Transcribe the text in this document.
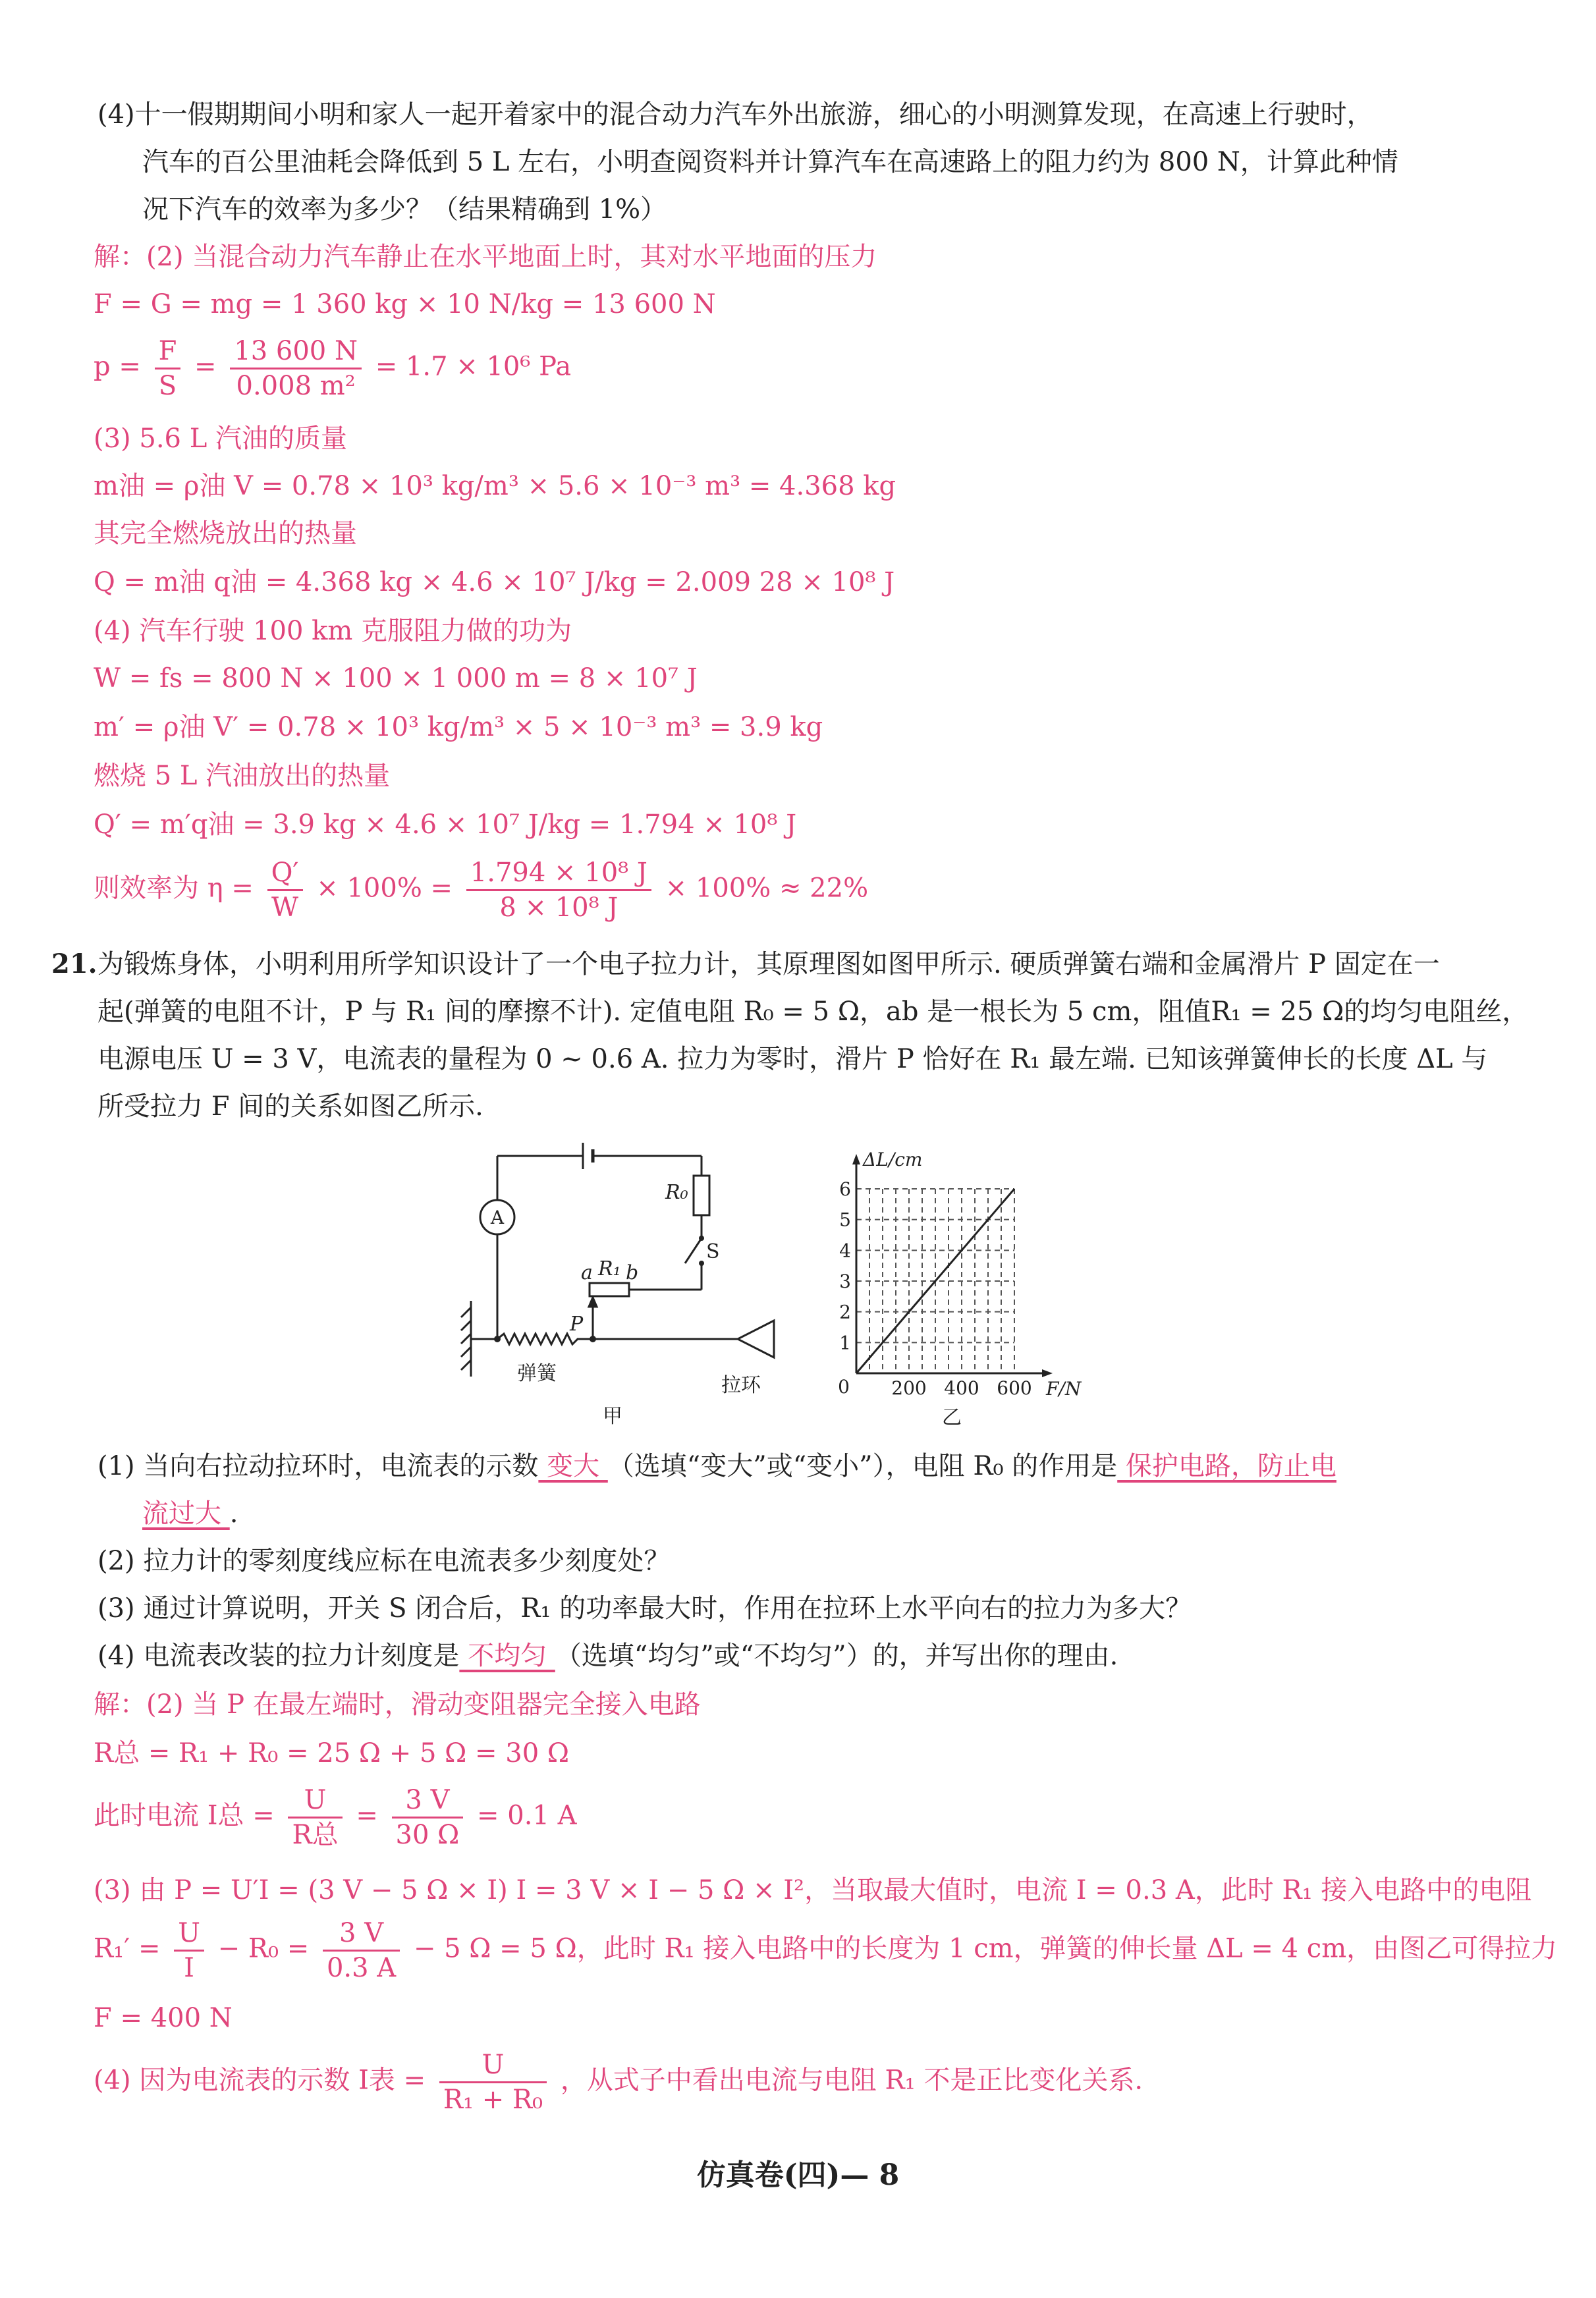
(4)十一假期期间小明和家人一起开着家中的混合动力汽车外出旅游，细心的小明测算发现，在高速上行驶时，
汽车的百公里油耗会降低到 5 L 左右，小明查阅资料并计算汽车在高速路上的阻力约为 800 N，计算此种情
况下汽车的效率为多少？（结果精确到 1%）
解：(2) 当混合动力汽车静止在水平地面上时，其对水平地面的压力
F = G = mg = 1 360 kg × 10 N/kg = 13 600 N
$p = \frac{F}{S} = \frac{13 600 N}{\text{0.008 m²}} = 1.7 \times 10^6$ Pa
(3) 5.6 L 汽油的质量
m油 = ρ油 V = 0.78 × 10³ kg/m³ × 5.6 × 10⁻³ m³ = 4.368 kg
其完全燃烧放出的热量
Q = m油 q油 = 4.368 kg × 4.6 × 10⁷ J/kg = 2.009 28 × 10⁸ J
(4) 汽车行驶 100 km 克服阻力做的功为
W = fs = 800 N × 100 × 1 000 m = 8 × 10⁷ J
m′ = ρ油 V′ = 0.78 × 10³ kg/m³ × 5 × 10⁻³ m³ = 3.9 kg
燃烧 5 L 汽油放出的热量
Q′ = m′q油 = 3.9 kg × 4.6 × 10⁷ J/kg = 1.794 × 10⁸ J
则效率为 $\eta = \frac{Q'}{W} \times 100\% = \frac{\text{1.794 × 10⁸ J}}{\text{8 × 10⁸ J}} \times 100\% \approx 22\%$
21. 为锻炼身体，小明利用所学知识设计了一个电子拉力计，其原理图如图甲所示. 硬质弹簧右端和金属滑片 P 固定在一
起(弹簧的电阻不计，P 与 R₁ 间的摩擦不计). 定值电阻 R₀ = 5 Ω，ab 是一根长为 5 cm，阻值R₁ = 25 Ω的均匀电阻丝，
电源电压 U = 3 V，电流表的量程为 0 ~ 0.6 A. 拉力为零时，滑片 P 恰好在 R₁ 最左端. 已知该弹簧伸长的长度 ΔL 与
所受拉力 F 间的关系如图乙所示.
A
R₀
S
a R₁ b
P
弹簧
拉环
甲
1
2
3
4
5
6
200 400 600
ΔL/cm
F/N
0
乙
(1) 当向右拉动拉环时，电流表的示数 变大 （选填“变大”或“变小”），电阻 R₀ 的作用是 保护电路，防止电
流过大 .
(2) 拉力计的零刻度线应标在电流表多少刻度处？
(3) 通过计算说明，开关 S 闭合后，R₁ 的功率最大时，作用在拉环上水平向右的拉力为多大？
(4) 电流表改装的拉力计刻度是 不均匀 （选填“均匀”或“不均匀”）的，并写出你的理由.
解：(2) 当 P 在最左端时，滑动变阻器完全接入电路
R总 = R₁ + R₀ = 25 Ω + 5 Ω = 30 Ω
此时电流 I总 = $\frac{U}{\text{R总}} = \frac{3 V}{30 \Omega} = 0.1$ A
(3) 由 P = U′I = (3 V − 5 Ω × I) I = 3 V × I − 5 Ω × I²，当取最大值时，电流 I = 0.3 A，此时 R₁ 接入电路中的电阻
$R_1' = \frac{U}{I} - R_0 = \frac{3 V}{0.3 A} - 5$ Ω = 5 Ω，此时 R₁ 接入电路中的长度为 1 cm，弹簧的伸长量 ΔL = 4 cm，由图乙可得拉力
F = 400 N
(4) 因为电流表的示数 I表 = $\frac{U}{\text{R₁ + R₀}}$ ，从式子中看出电流与电阻 R₁ 不是正比变化关系.
仿真卷(四)— 8
